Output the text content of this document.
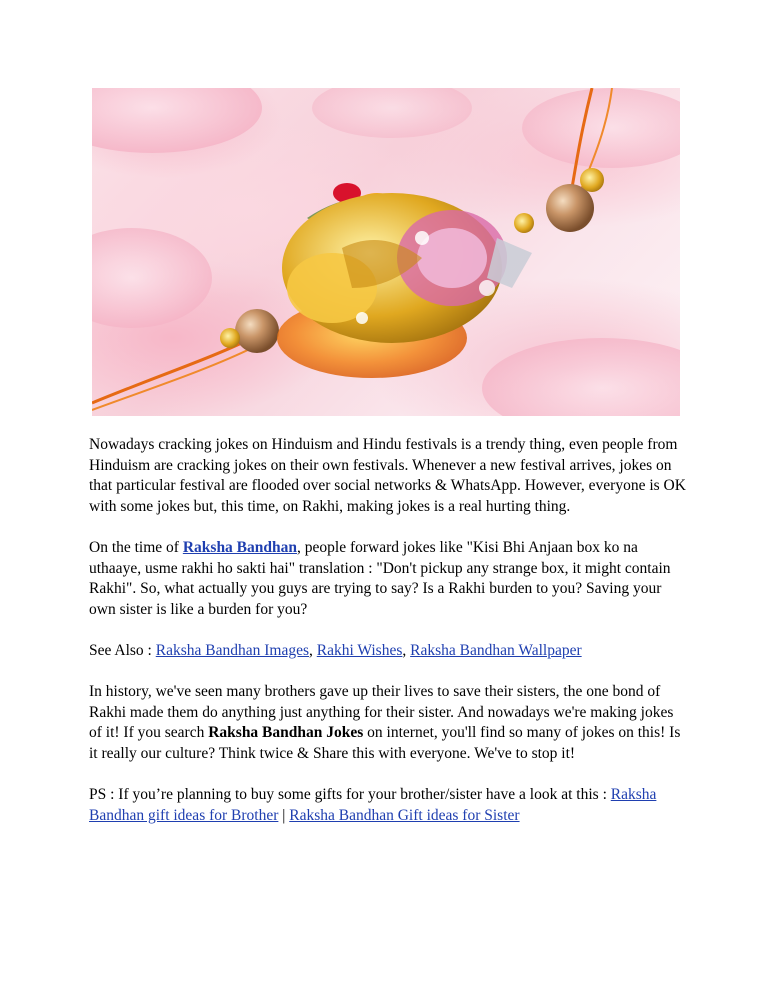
Nowadays cracking jokes on Hinduism and Hindu festivals is a trendy thing, even people from Hinduism are cracking jokes on their own festivals. Whenever a new festival arrives, jokes on that particular festival are flooded over social networks & WhatsApp. However, everyone is OK with some jokes but, this time, on Rakhi, making jokes is a real hurting thing.

On the time of Raksha Bandhan, people forward jokes like "Kisi Bhi Anjaan box ko na uthaaye, usme rakhi ho sakti hai" translation : "Don't pickup any strange box, it might contain Rakhi". So, what actually you guys are trying to say? Is a Rakhi burden to you? Saving your own sister is like a burden for you?

See Also : Raksha Bandhan Images, Rakhi Wishes, Raksha Bandhan Wallpaper

In history, we've seen many brothers gave up their lives to save their sisters, the one bond of Rakhi made them do anything just anything for their sister. And nowadays we're making jokes of it! If you search Raksha Bandhan Jokes on internet, you'll find so many of jokes on this! Is it really our culture? Think twice & Share this with everyone. We've to stop it!

PS : If you’re planning to buy some gifts for your brother/sister have a look at this : Raksha Bandhan gift ideas for Brother | Raksha Bandhan Gift ideas for Sister
